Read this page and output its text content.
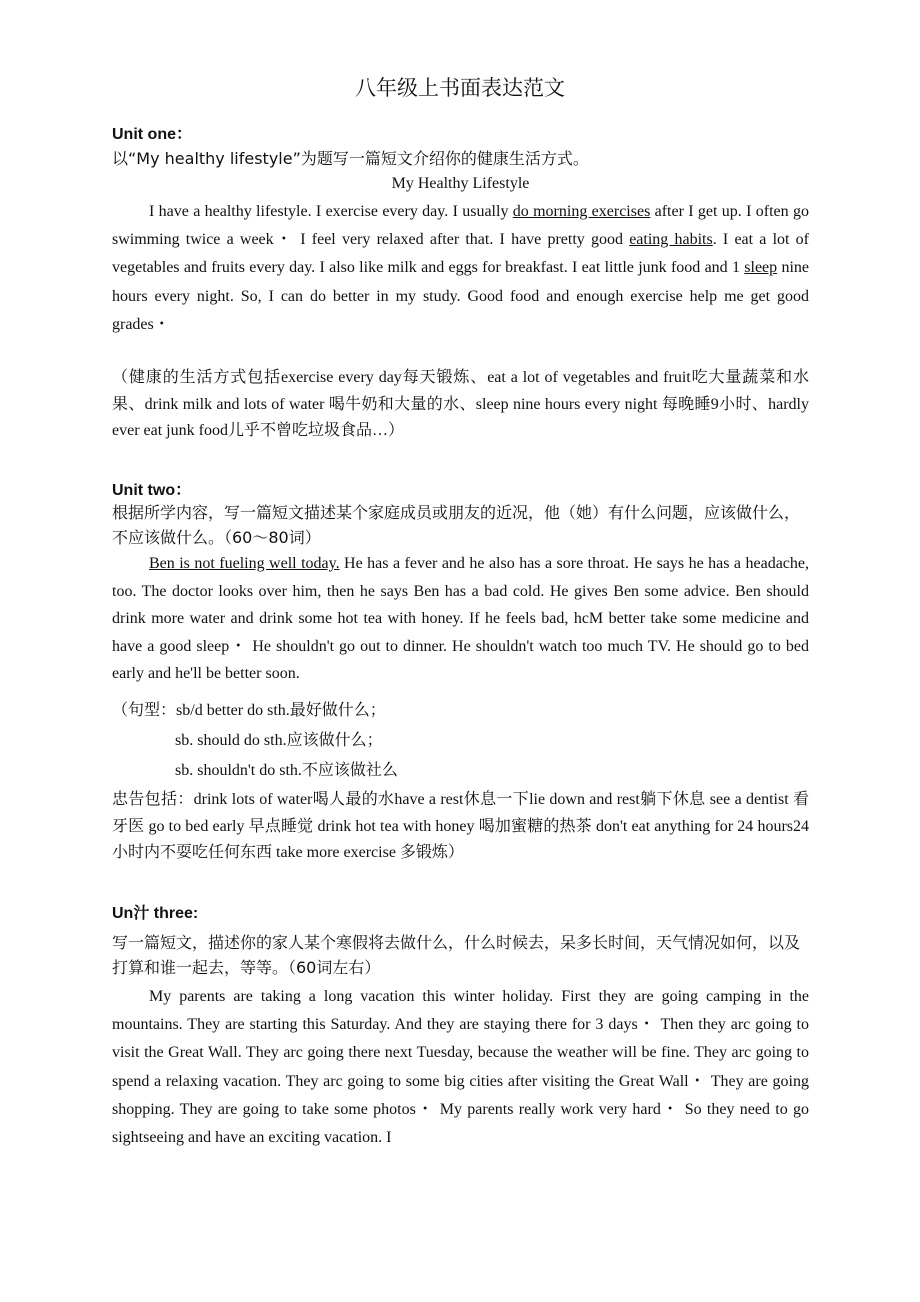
八年级上书面表达范文
Unit one：
以“My healthy lifestyle”为题写一篇短文介绍你的健康生活方式。
My Healthy Lifestyle
I have a healthy lifestyle. I exercise every day. I usually do morning exercises after I get up. I often go swimming twice a week・ I feel very relaxed after that. I have pretty good eating habits. I eat a lot of vegetables and fruits every day. I also like milk and eggs for breakfast. I eat little junk food and 1 sleep nine hours every night. So, I can do better in my study. Good food and enough exercise help me get good grades・
（健康的生活方式包括exercise every day每天锻炼、eat a lot of vegetables and fruit吃大量蔬菜和水果、drink milk and lots of water 喝牛奶和大量的水、sleep nine hours every night 每晚睡9小时、hardly ever eat junk food儿乎不曾吃垃圾食品…）
Unit two：
根据所学内容，写一篇短文描述某个家庭成员或朋友的近况，他（她）有什么问题，应该做什么，不应该做什么。（60～80词）
Ben is not fueling well today. He has a fever and he also has a sore throat. He says he has a headache, too. The doctor looks over him, then he says Ben has a bad cold. He gives Ben some advice. Ben should drink more water and drink some hot tea with honey. If he feels bad, hcM better take some medicine and have a good sleep・ He shouldn't go out to dinner. He shouldn't watch too much TV. He should go to bed early and he'll be better soon.
（句型：sb/d better do sth.最好做什么；
sb. should do sth.应该做什么；
sb. shouldn't do sth.不应该做社么
忠告包括：drink lots of water喝人最的水have a rest休息一下lie down and rest躺下休息 see a dentist 看牙医 go to bed early 早点睡觉 drink hot tea with honey 喝加蜜糖的热茶 don't eat anything for 24 hours24 小时内不耍吃任何东西 take more exercise 多锻炼）
Un汁 three:
写一篇短文，描述你的家人某个寒假将去做什么，什么时候去，呆多长时间，天气情况如何，以及打算和谁一起去，等等。（60词左右）
My parents are taking a long vacation this winter holiday. First they are going camping in the mountains. They are starting this Saturday. And they are staying there for 3 days・ Then they arc going to visit the Great Wall. They arc going there next Tuesday, because the weather will be fine. They arc going to spend a relaxing vacation. They arc going to some big cities after visiting the Great Wall・ They are going shopping. They are going to take some photos・ My parents really work very hard・ So they need to go sightseeing and have an exciting vacation. I
